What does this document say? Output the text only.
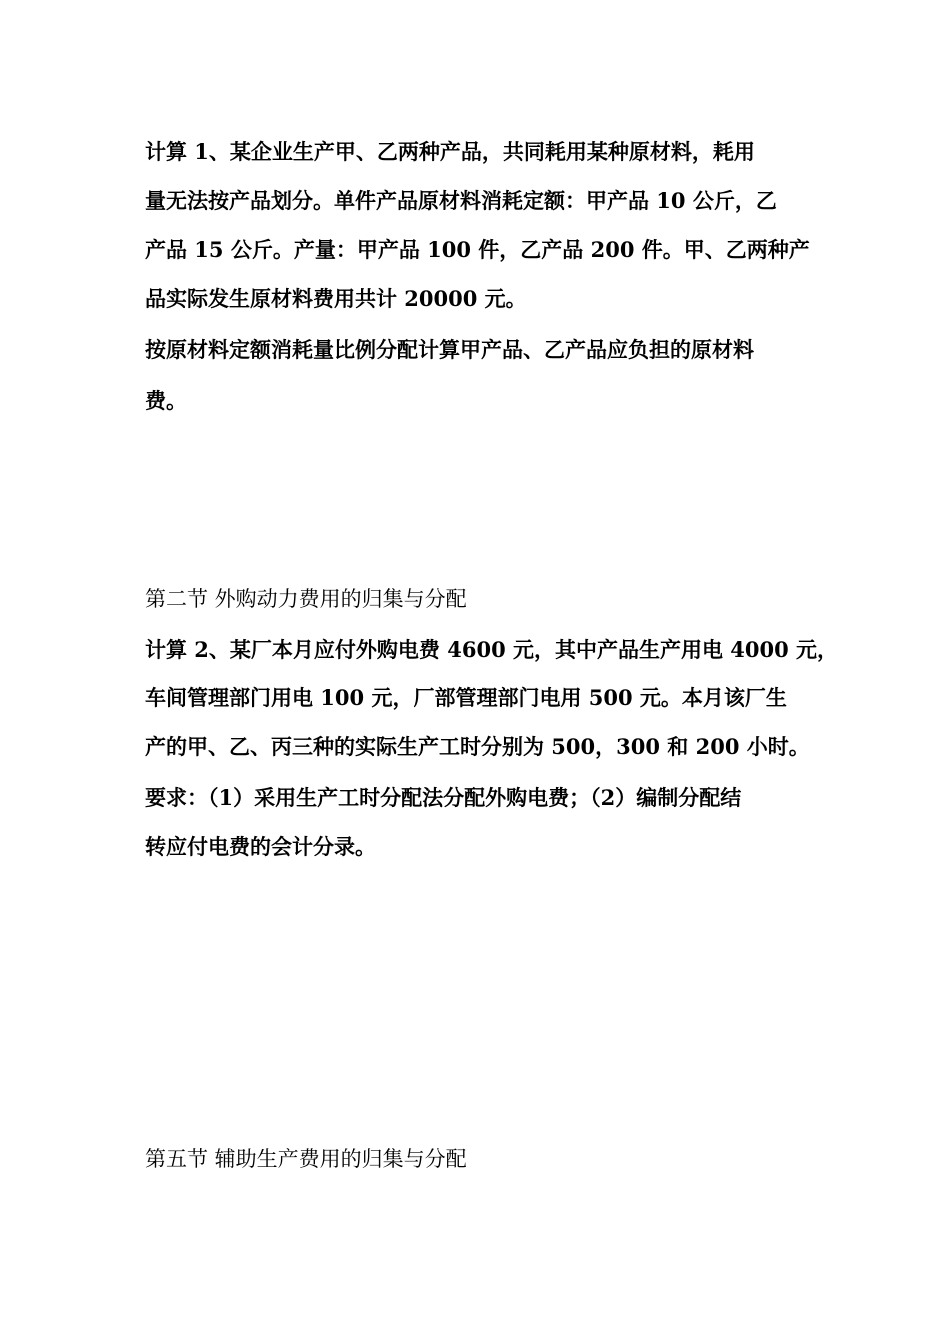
计算 1、某企业生产甲、乙两种产品，共同耗用某种原材料，耗用
量无法按产品划分。单件产品原材料消耗定额：甲产品 10 公斤，乙
产品 15 公斤。产量：甲产品 100 件，乙产品 200 件。甲、乙两种产
品实际发生原材料费用共计 20000 元。
按原材料定额消耗量比例分配计算甲产品、乙产品应负担的原材料
费。
第二节 外购动力费用的归集与分配
计算 2、某厂本月应付外购电费 4600 元，其中产品生产用电 4000 元，
车间管理部门用电 100 元，厂部管理部门电用 500 元。本月该厂生
产的甲、乙、丙三种的实际生产工时分别为 500，300 和 200 小时。
要求：（1）采用生产工时分配法分配外购电费；（2）编制分配结
转应付电费的会计分录。
第五节 辅助生产费用的归集与分配
